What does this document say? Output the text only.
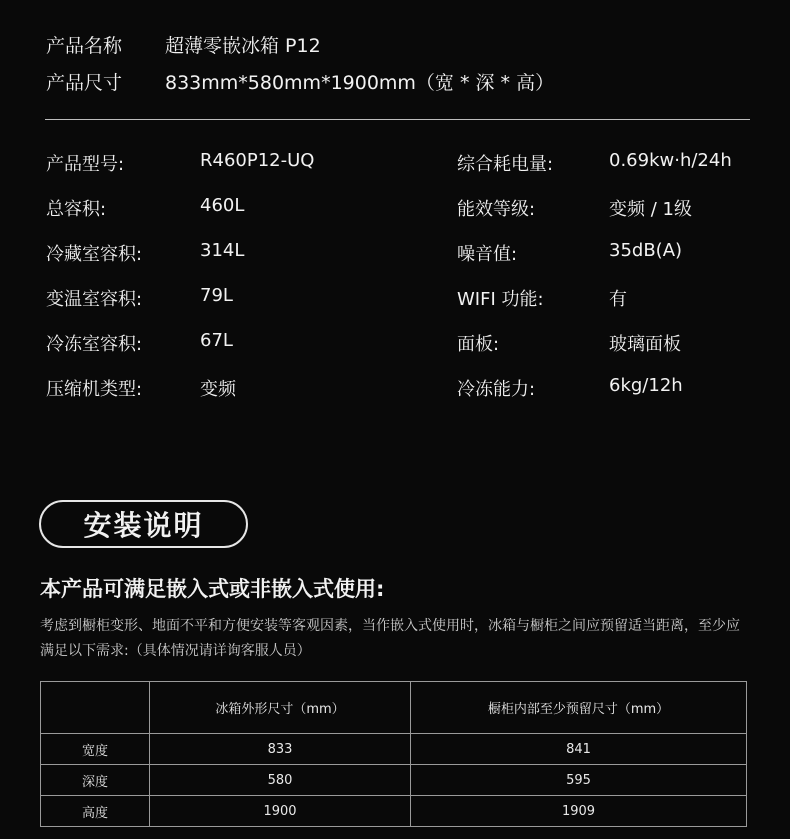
产品名称 超薄零嵌冰箱 P12
产品尺寸 833mm*580mm*1900mm（宽 * 深 * 高）
产品型号:	R460P12-UQ	综合耗电量:	0.69kw·h/24h
总容积:	460L	能效等级:	变频 / 1级
冷藏室容积:	314L	噪音值:	35dB(A)
变温室容积:	79L	WIFI 功能:	有
冷冻室容积:	67L	面板:	玻璃面板
压缩机类型:	变频	冷冻能力:	6kg/12h
安装说明
本产品可满足嵌入式或非嵌入式使用:
考虑到橱柜变形、地面不平和方便安装等客观因素，当作嵌入式使用时，冰箱与橱柜之间应预留适当距离，至少应满足以下需求:（具体情况请详询客服人员）
	冰箱外形尺寸（mm）	橱柜内部至少预留尺寸（mm）
宽度	833	841
深度	580	595
高度	1900	1909
